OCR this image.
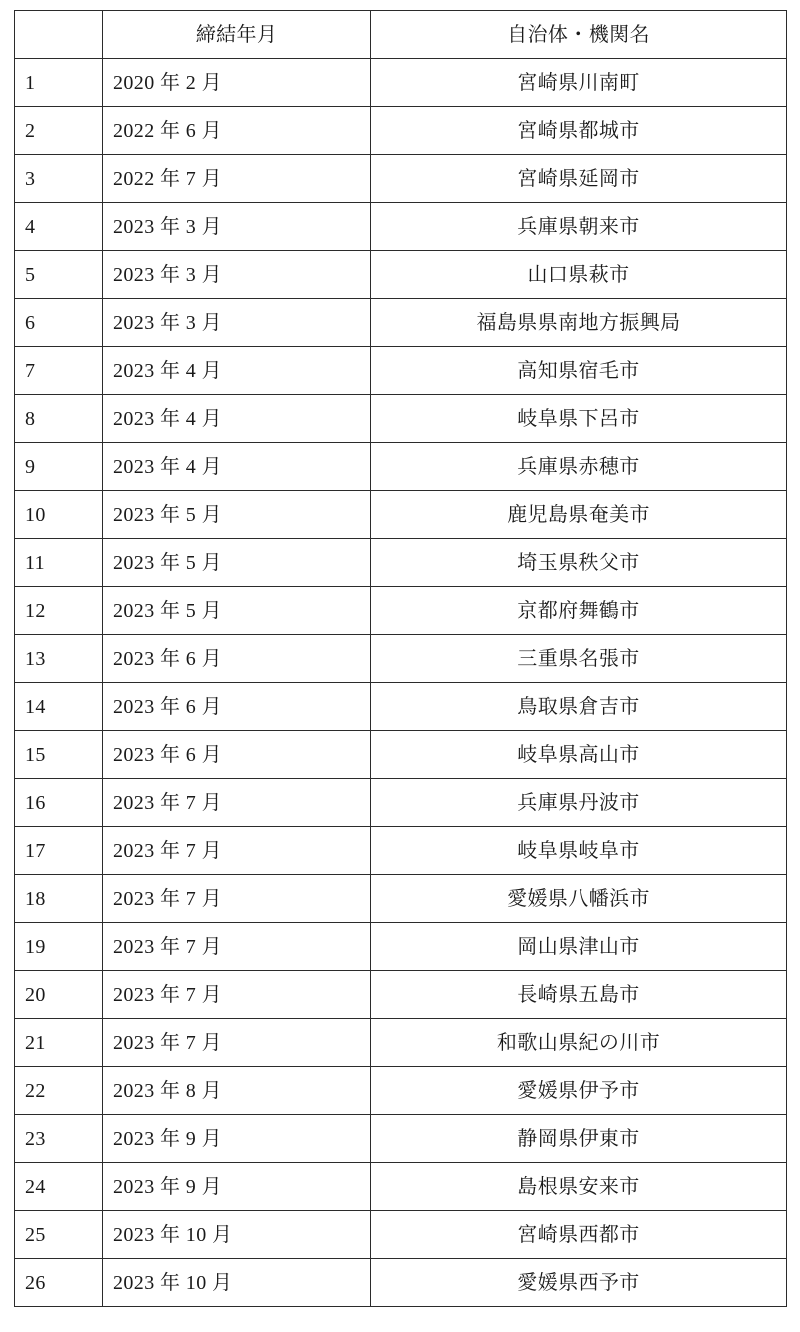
	締結年月	自治体・機関名
1	2020 年 2 月	宮崎県川南町
2	2022 年 6 月	宮崎県都城市
3	2022 年 7 月	宮崎県延岡市
4	2023 年 3 月	兵庫県朝来市
5	2023 年 3 月	山口県萩市
6	2023 年 3 月	福島県県南地方振興局
7	2023 年 4 月	高知県宿毛市
8	2023 年 4 月	岐阜県下呂市
9	2023 年 4 月	兵庫県赤穂市
10	2023 年 5 月	鹿児島県奄美市
11	2023 年 5 月	埼玉県秩父市
12	2023 年 5 月	京都府舞鶴市
13	2023 年 6 月	三重県名張市
14	2023 年 6 月	鳥取県倉吉市
15	2023 年 6 月	岐阜県高山市
16	2023 年 7 月	兵庫県丹波市
17	2023 年 7 月	岐阜県岐阜市
18	2023 年 7 月	愛媛県八幡浜市
19	2023 年 7 月	岡山県津山市
20	2023 年 7 月	長崎県五島市
21	2023 年 7 月	和歌山県紀の川市
22	2023 年 8 月	愛媛県伊予市
23	2023 年 9 月	静岡県伊東市
24	2023 年 9 月	島根県安来市
25	2023 年 10 月	宮崎県西都市
26	2023 年 10 月	愛媛県西予市
